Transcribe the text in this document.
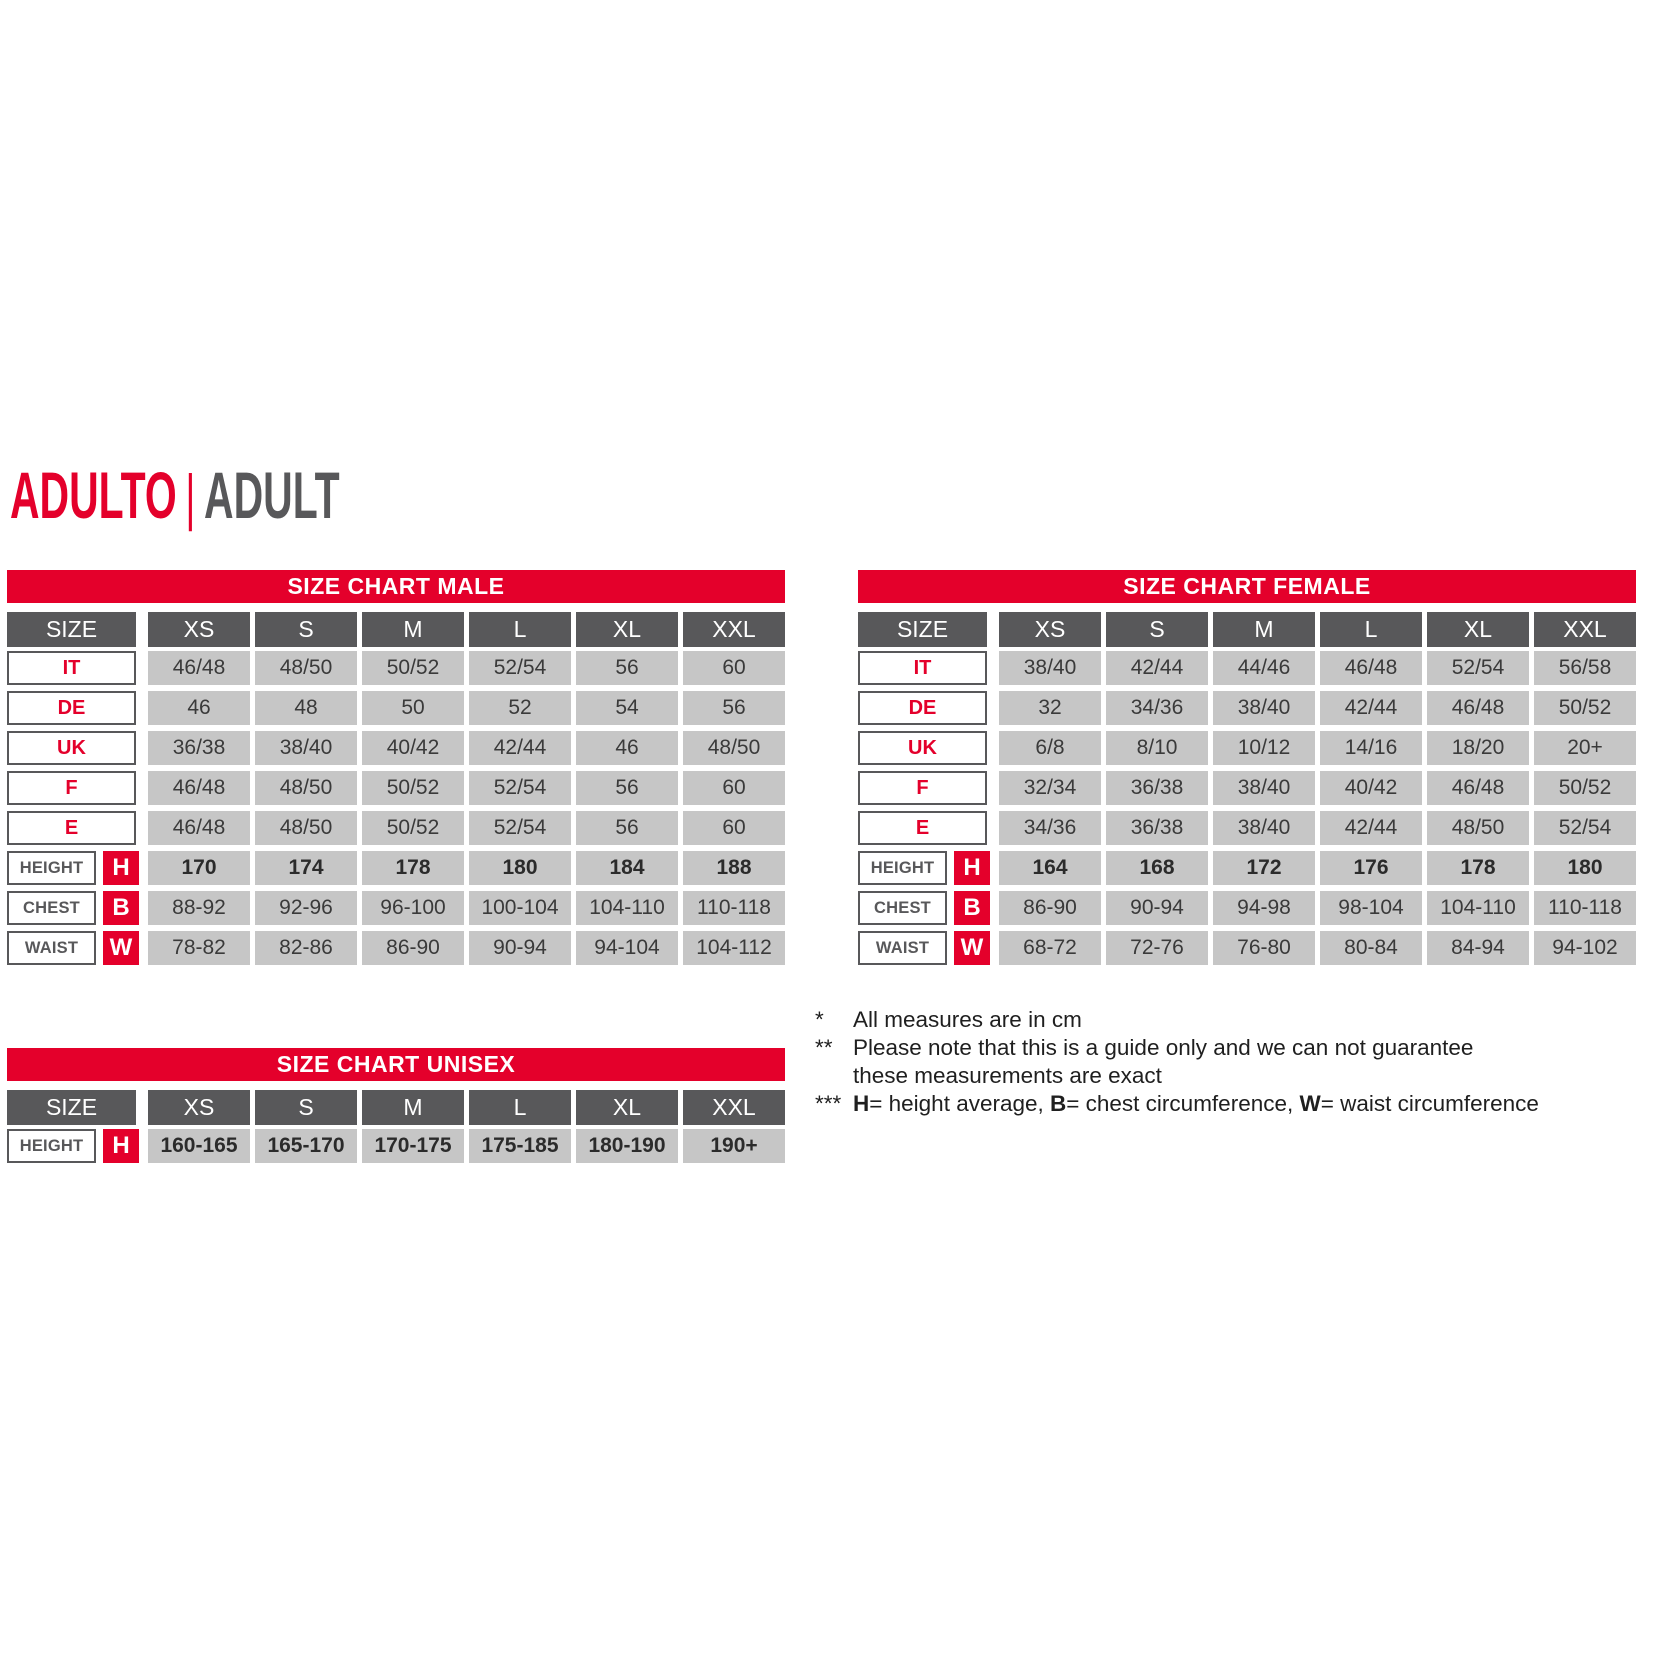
ADULTO | ADULT
SIZE CHART MALE
SIZE	XS	S	M	L	XL	XXL
IT	46/48	48/50	50/52	52/54	56	60
DE	46	48	50	52	54	56
UK	36/38	38/40	40/42	42/44	46	48/50
F	46/48	48/50	50/52	52/54	56	60
E	46/48	48/50	50/52	52/54	56	60
HEIGHT	H	170	174	178	180	184	188
CHEST	B	88-92	92-96	96-100	100-104	104-110	110-118
WAIST	W	78-82	82-86	86-90	90-94	94-104	104-112
SIZE CHART FEMALE
SIZE	XS	S	M	L	XL	XXL
IT	38/40	42/44	44/46	46/48	52/54	56/58
DE	32	34/36	38/40	42/44	46/48	50/52
UK	6/8	8/10	10/12	14/16	18/20	20+
F	32/34	36/38	38/40	40/42	46/48	50/52
E	34/36	36/38	38/40	42/44	48/50	52/54
HEIGHT	H	164	168	172	176	178	180
CHEST	B	86-90	90-94	94-98	98-104	104-110	110-118
WAIST	W	68-72	72-76	76-80	80-84	84-94	94-102
SIZE CHART UNISEX
SIZE	XS	S	M	L	XL	XXL
HEIGHT	H	160-165	165-170	170-175	175-185	180-190	190+
*	All measures are in cm
** Please note that this is a guide only and we can not guarantee
these measurements are exact
*** H= height average, B= chest circumference, W= waist circumference
